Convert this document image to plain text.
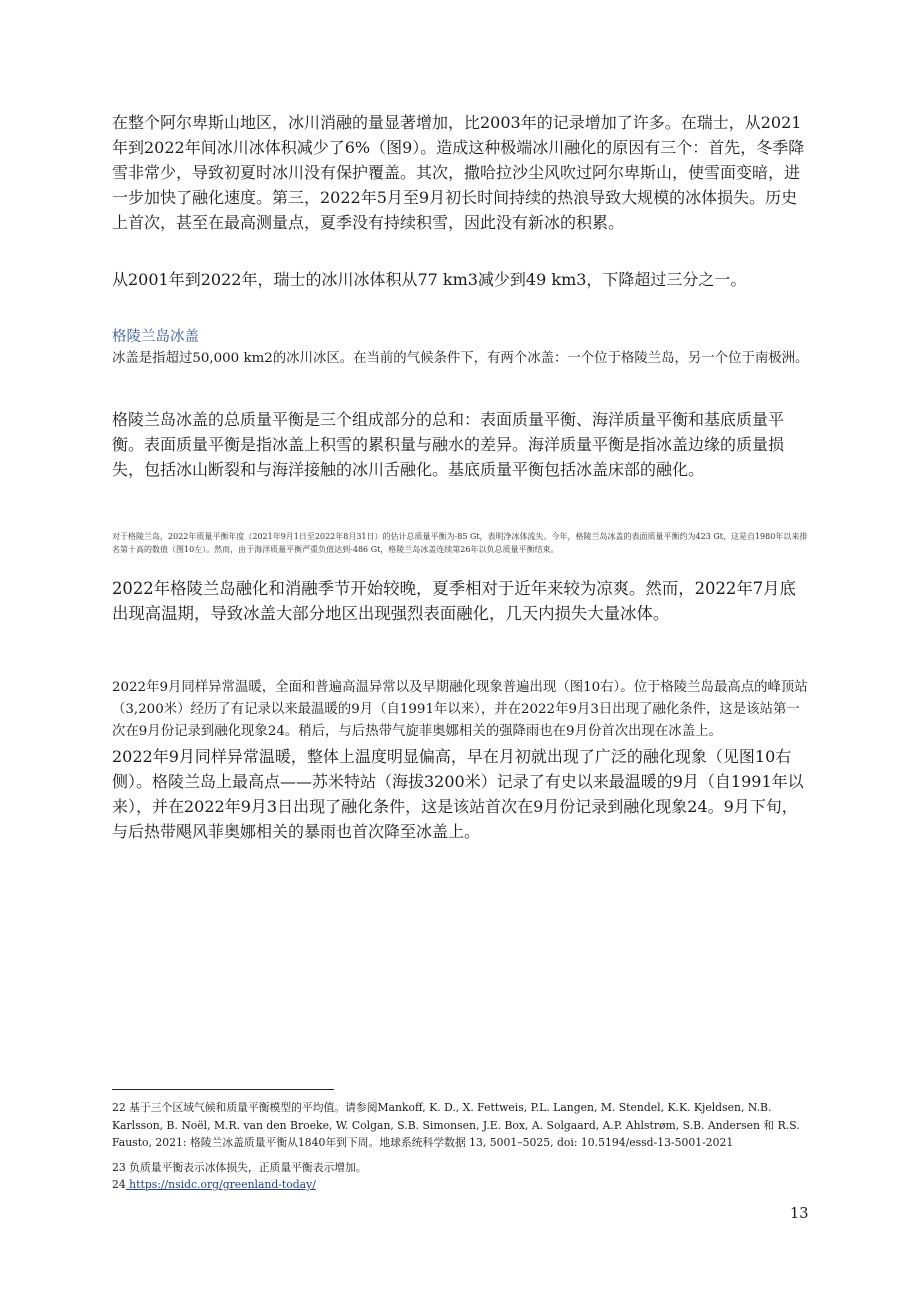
在整个阿尔卑斯山地区，冰川消融的量显著增加，比2003年的记录增加了许多。在瑞士，从2021年到2022年间冰川冰体积减少了6%（图9）。造成这种极端冰川融化的原因有三个：首先，冬季降雪非常少，导致初夏时冰川没有保护覆盖。其次，撒哈拉沙尘风吹过阿尔卑斯山，使雪面变暗，进一步加快了融化速度。第三，2022年5月至9月初长时间持续的热浪导致大规模的冰体损失。历史上首次，甚至在最高测量点，夏季没有持续积雪，因此没有新冰的积累。

从2001年到2022年，瑞士的冰川冰体积从77 km3减少到49 km3，下降超过三分之一。

格陵兰岛冰盖

冰盖是指超过50,000 km2的冰川冰区。在当前的气候条件下，有两个冰盖：一个位于格陵兰岛，另一个位于南极洲。

格陵兰岛冰盖的总质量平衡是三个组成部分的总和：表面质量平衡、海洋质量平衡和基底质量平衡。表面质量平衡是指冰盖上积雪的累积量与融水的差异。海洋质量平衡是指冰盖边缘的质量损失，包括冰山断裂和与海洋接触的冰川舌融化。基底质量平衡包括冰盖床部的融化。

对于格陵兰岛，2022年质量平衡年度（2021年9月1日至2022年8月31日）的估计总质量平衡为-85 Gt，表明净冰体流失。今年，格陵兰岛冰盖的表面质量平衡约为423 Gt，这是自1980年以来排名第十高的数值（图10左）。然而，由于海洋质量平衡严重负值达到-486 Gt，格陵兰岛冰盖连续第26年以负总质量平衡结束。

2022年格陵兰岛融化和消融季节开始较晚，夏季相对于近年来较为凉爽。然而，2022年7月底出现高温期，导致冰盖大部分地区出现强烈表面融化，几天内损失大量冰体。

2022年9月同样异常温暖，全面和普遍高温异常以及早期融化现象普遍出现（图10右）。位于格陵兰岛最高点的峰顶站（3,200米）经历了有记录以来最温暖的9月（自1991年以来），并在2022年9月3日出现了融化条件，这是该站第一次在9月份记录到融化现象24。稍后，与后热带气旋菲奥娜相关的强降雨也在9月份首次出现在冰盖上。

2022年9月同样异常温暖，整体上温度明显偏高，早在月初就出现了广泛的融化现象（见图10右侧）。格陵兰岛上最高点——苏米特站（海拔3200米）记录了有史以来最温暖的9月（自1991年以来），并在2022年9月3日出现了融化条件，这是该站首次在9月份记录到融化现象24。9月下旬，与后热带飓风菲奥娜相关的暴雨也首次降至冰盖上。

22 基于三个区域气候和质量平衡模型的平均值。请参阅Mankoff, K. D., X. Fettweis, P.L. Langen, M. Stendel, K.K. Kjeldsen, N.B. Karlsson, B. Noël, M.R. van den Broeke, W. Colgan, S.B. Simonsen, J.E. Box, A. Solgaard, A.P. Ahlstrøm, S.B. Andersen 和 R.S. Fausto, 2021: 格陵兰冰盖质量平衡从1840年到下周。地球系统科学数据 13, 5001–5025, doi: 10.5194/essd-13-5001-2021

23 负质量平衡表示冰体损失，正质量平衡表示增加。

24 https://nsidc.org/greenland-today/

13
